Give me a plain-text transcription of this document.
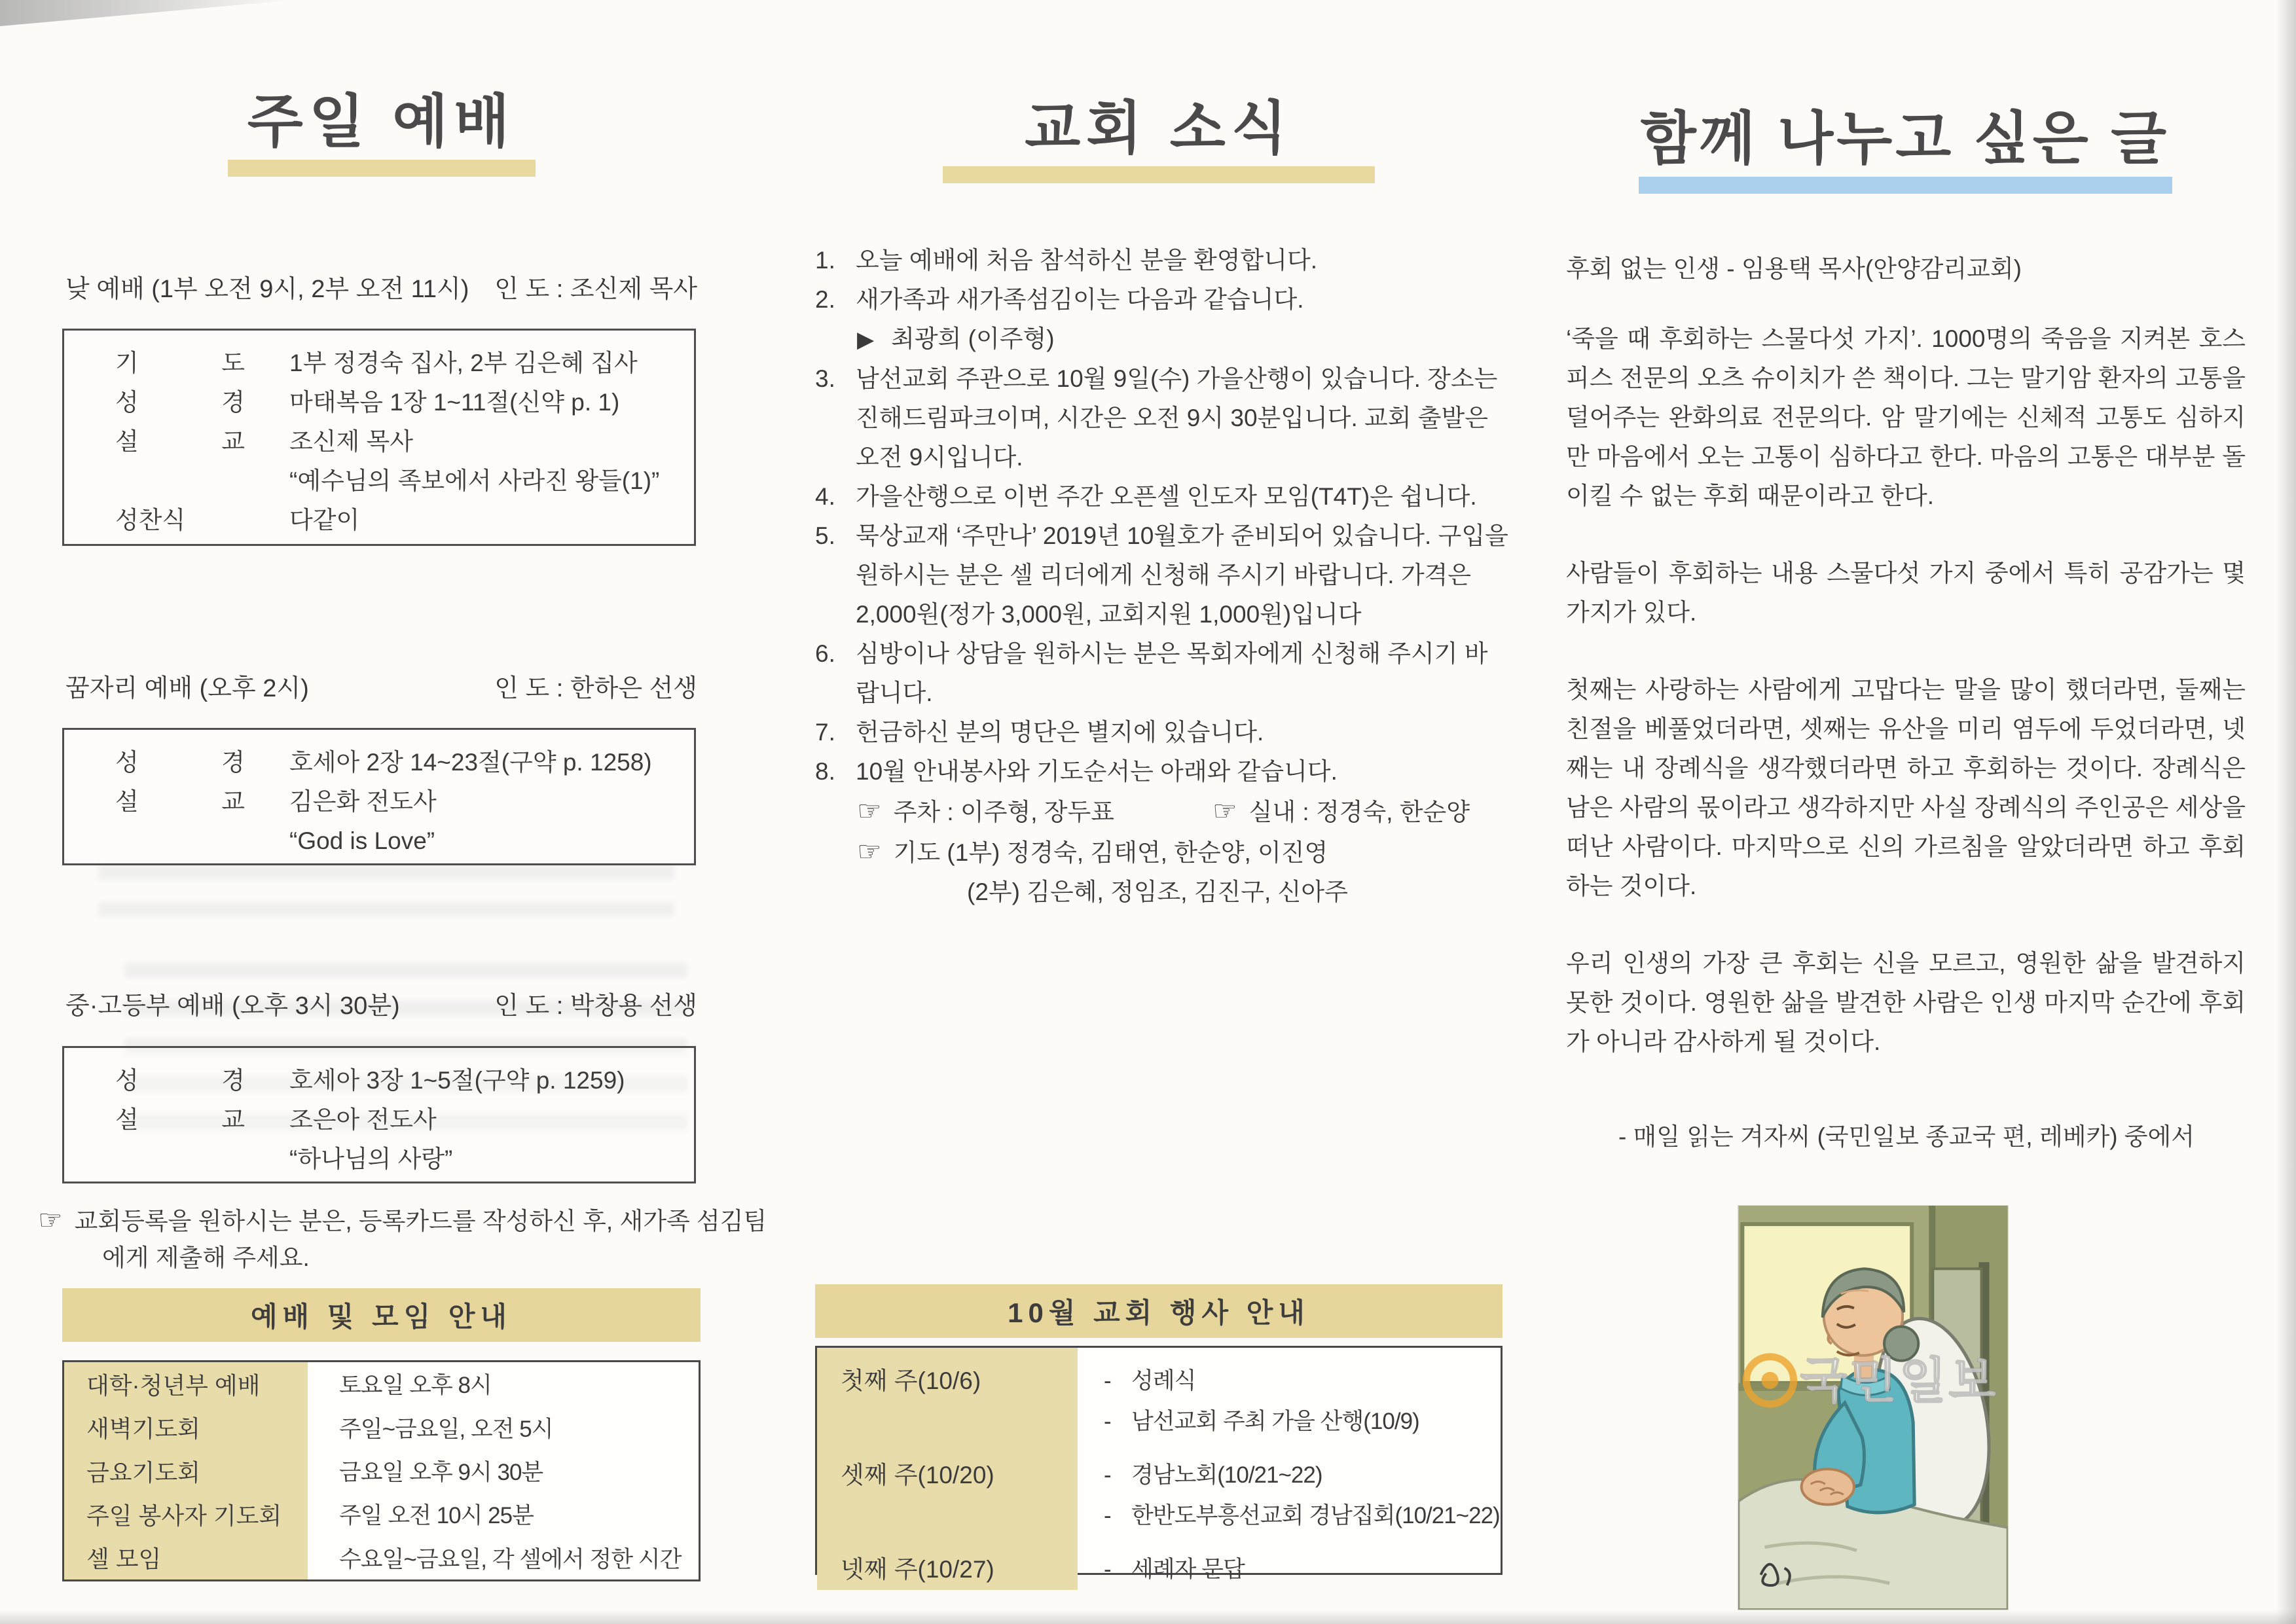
주일 예배
낮 예배 (1부 오전 9시, 2부 오전 11시) 인 도 : 조신제 목사
기 도	1부 정경숙 집사, 2부 김은혜 집사
성 경	마태복음 1장 1~11절(신약 p. 1)
설 교	조신제 목사
“예수님의 족보에서 사라진 왕들(1)”
성찬식	다같이
꿈자리 예배 (오후 2시)	인 도 : 한하은 선생
성 경	호세아 2장 14~23절(구약 p. 1258)
설 교	김은화 전도사
“God is Love”
중·고등부 예배 (오후 3시 30분)	인 도 : 박창용 선생
성 경	호세아 3장 1~5절(구약 p. 1259)
설 교	조은아 전도사
“하나님의 사랑”
☞ 교회등록을 원하시는 분은, 등록카드를 작성하신 후, 새가족 섬김팀에게 제출해 주세요.
예배 및 모임 안내
대학·청년부 예배	토요일 오후 8시
새벽기도회	주일~금요일, 오전 5시
금요기도회	금요일 오후 9시 30분
주일 봉사자 기도회	주일 오전 10시 25분
셀 모임	수요일~금요일, 각 셀에서 정한 시간
교회 소식
1. 오늘 예배에 처음 참석하신 분을 환영합니다.
2. 새가족과 새가족섬김이는 다음과 같습니다.
▶ 최광희 (이주형)
3. 남선교회 주관으로 10월 9일(수) 가을산행이 있습니다. 장소는 진해드림파크이며, 시간은 오전 9시 30분입니다. 교회 출발은 오전 9시입니다.
4. 가을산행으로 이번 주간 오픈셀 인도자 모임(T4T)은 쉽니다.
5. 묵상교재 ‘주만나’ 2019년 10월호가 준비되어 있습니다. 구입을 원하시는 분은 셀 리더에게 신청해 주시기 바랍니다. 가격은 2,000원(정가 3,000원, 교회지원 1,000원)입니다
6. 심방이나 상담을 원하시는 분은 목회자에게 신청해 주시기 바랍니다.
7. 헌금하신 분의 명단은 별지에 있습니다.
8. 10월 안내봉사와 기도순서는 아래와 같습니다.
☞ 주차 : 이주형, 장두표	☞ 실내 : 정경숙, 한순양
☞ 기도 (1부) 정경숙, 김태연, 한순양, 이진영
(2부) 김은혜, 정임조, 김진구, 신아주
10월 교회 행사 안내
첫째 주(10/6)	- 성례식
- 남선교회 주최 가을 산행(10/9)
셋째 주(10/20)	- 경남노회(10/21~22)
- 한반도부흥선교회 경남집회(10/21~22)
넷째 주(10/27)	- 세례자 문답
함께 나누고 싶은 글
후회 없는 인생 - 임용택 목사(안양감리교회)

‘죽을 때 후회하는 스물다섯 가지’. 1000명의 죽음을 지켜본 호스피스 전문의 오츠 슈이치가 쓴 책이다. 그는 말기암 환자의 고통을 덜어주는 완화의료 전문의다. 암 말기에는 신체적 고통도 심하지만 마음에서 오는 고통이 심하다고 한다. 마음의 고통은 대부분 돌이킬 수 없는 후회 때문이라고 한다.

사람들이 후회하는 내용 스물다섯 가지 중에서 특히 공감가는 몇 가지가 있다.

첫째는 사랑하는 사람에게 고맙다는 말을 많이 했더라면, 둘째는 친절을 베풀었더라면, 셋째는 유산을 미리 염두에 두었더라면, 넷째는 내 장례식을 생각했더라면 하고 후회하는 것이다. 장례식은 남은 사람의 몫이라고 생각하지만 사실 장례식의 주인공은 세상을 떠난 사람이다. 마지막으로 신의 가르침을 알았더라면 하고 후회하는 것이다.

우리 인생의 가장 큰 후회는 신을 모르고, 영원한 삶을 발견하지 못한 것이다. 영원한 삶을 발견한 사람은 인생 마지막 순간에 후회가 아니라 감사하게 될 것이다.

- 매일 읽는 겨자씨 (국민일보 종교국 편, 레베카) 중에서
국민일보
